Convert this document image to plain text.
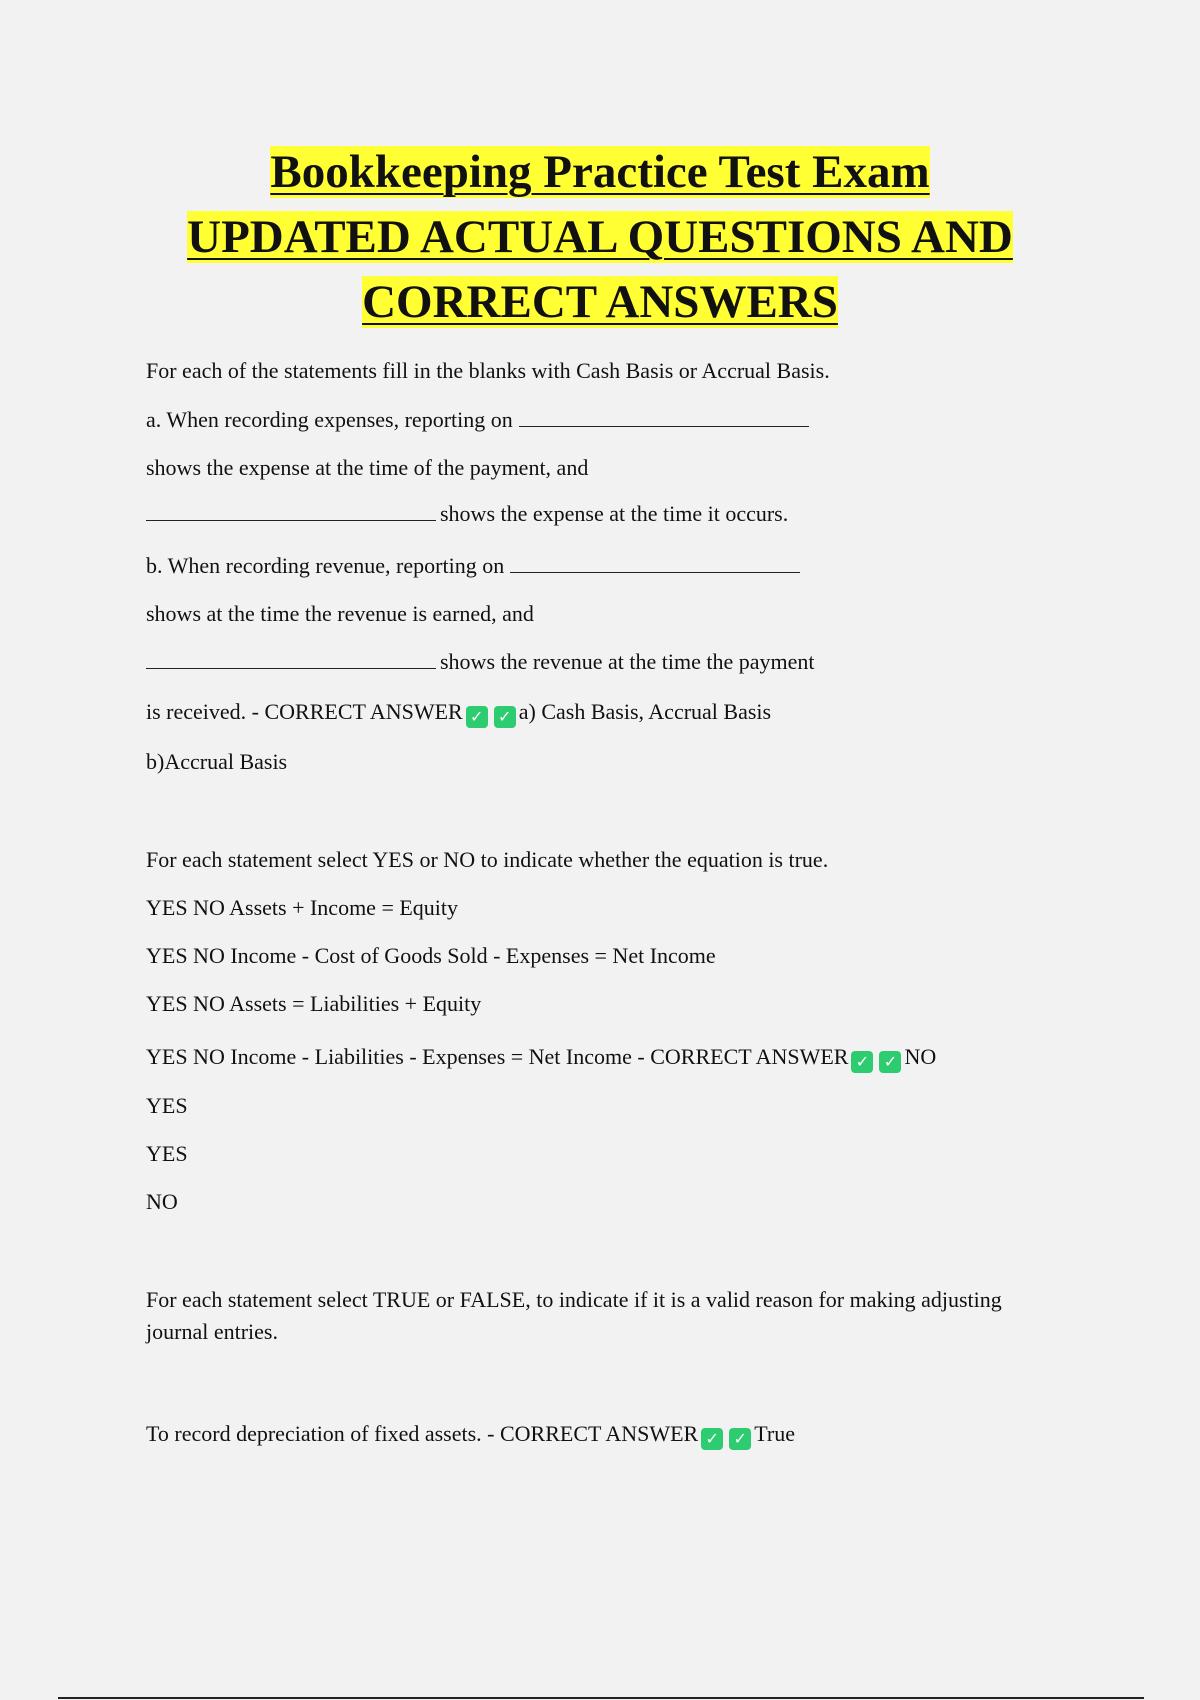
Bookkeeping Practice Test Exam
UPDATED ACTUAL QUESTIONS AND
CORRECT ANSWERS
For each of the statements fill in the blanks with Cash Basis or Accrual Basis.
a. When recording expenses, reporting on
shows the expense at the time of the payment, and
shows the expense at the time it occurs.
b. When recording revenue, reporting on
shows at the time the revenue is earned, and
shows the revenue at the time the payment
is received. - CORRECT ANSWER ✓ ✓ a) Cash Basis, Accrual Basis
b)Accrual Basis
For each statement select YES or NO to indicate whether the equation is true.
YES NO Assets + Income = Equity
YES NO Income - Cost of Goods Sold - Expenses = Net Income
YES NO Assets = Liabilities + Equity
YES NO Income - Liabilities - Expenses = Net Income - CORRECT ANSWER ✓ ✓ NO
YES
YES
NO
For each statement select TRUE or FALSE, to indicate if it is a valid reason for making adjusting journal entries.
To record depreciation of fixed assets. - CORRECT ANSWER ✓ ✓ True
